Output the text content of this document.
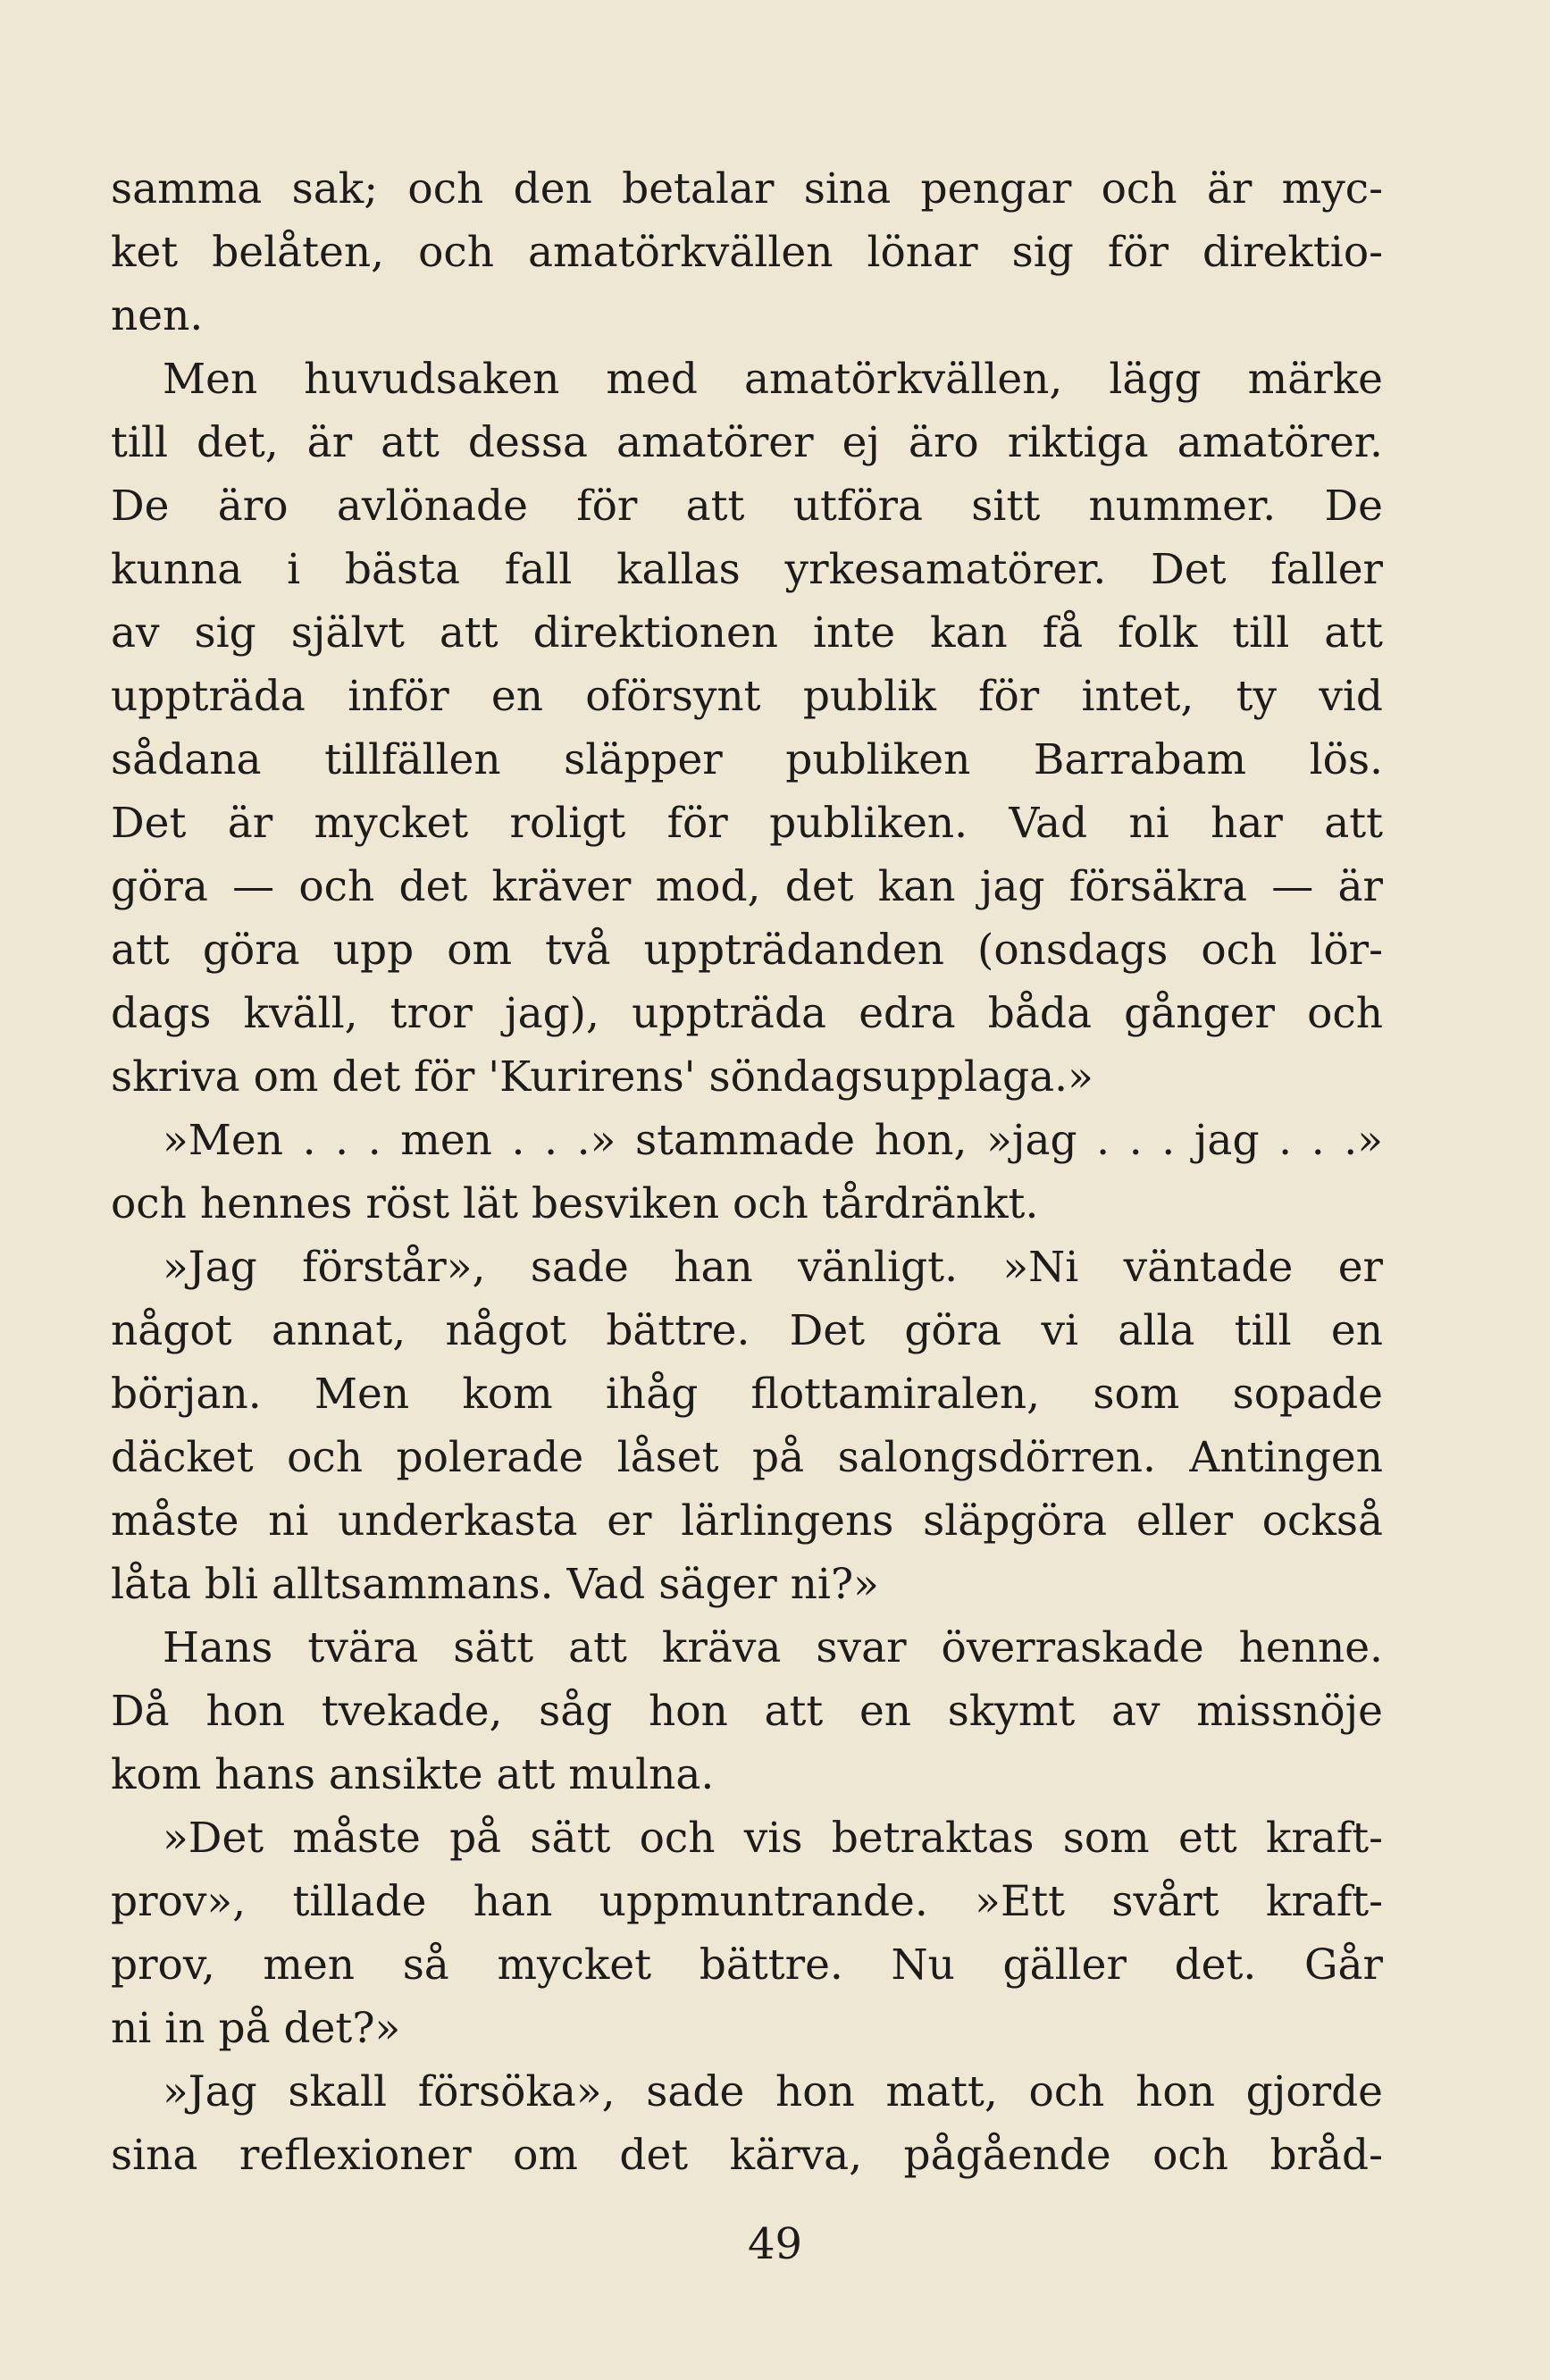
samma sak; och den betalar sina pengar och är myc-
ket belåten, och amatörkvällen lönar sig för direktio-
nen.
Men huvudsaken med amatörkvällen, lägg märke
till det, är att dessa amatörer ej äro riktiga amatörer.
De äro avlönade för att utföra sitt nummer. De
kunna i bästa fall kallas yrkesamatörer. Det faller
av sig självt att direktionen inte kan få folk till att
uppträda inför en oförsynt publik för intet, ty vid
sådana tillfällen släpper publiken Barrabam lös.
Det är mycket roligt för publiken. Vad ni har att
göra — och det kräver mod, det kan jag försäkra — är
att göra upp om två uppträdanden (onsdags och lör-
dags kväll, tror jag), uppträda edra båda gånger och
skriva om det för 'Kurirens' söndagsupplaga.»
»Men . . . men . . .» stammade hon, »jag . . . jag . . .»
och hennes röst lät besviken och tårdränkt.
»Jag förstår», sade han vänligt. »Ni väntade er
något annat, något bättre. Det göra vi alla till en
början. Men kom ihåg flottamiralen, som sopade
däcket och polerade låset på salongsdörren. Antingen
måste ni underkasta er lärlingens släpgöra eller också
låta bli alltsammans. Vad säger ni?»
Hans tvära sätt att kräva svar överraskade henne.
Då hon tvekade, såg hon att en skymt av missnöje
kom hans ansikte att mulna.
»Det måste på sätt och vis betraktas som ett kraft-
prov», tillade han uppmuntrande. »Ett svårt kraft-
prov, men så mycket bättre. Nu gäller det. Går
ni in på det?»
»Jag skall försöka», sade hon matt, och hon gjorde
sina reflexioner om det kärva, pågående och bråd-
49
